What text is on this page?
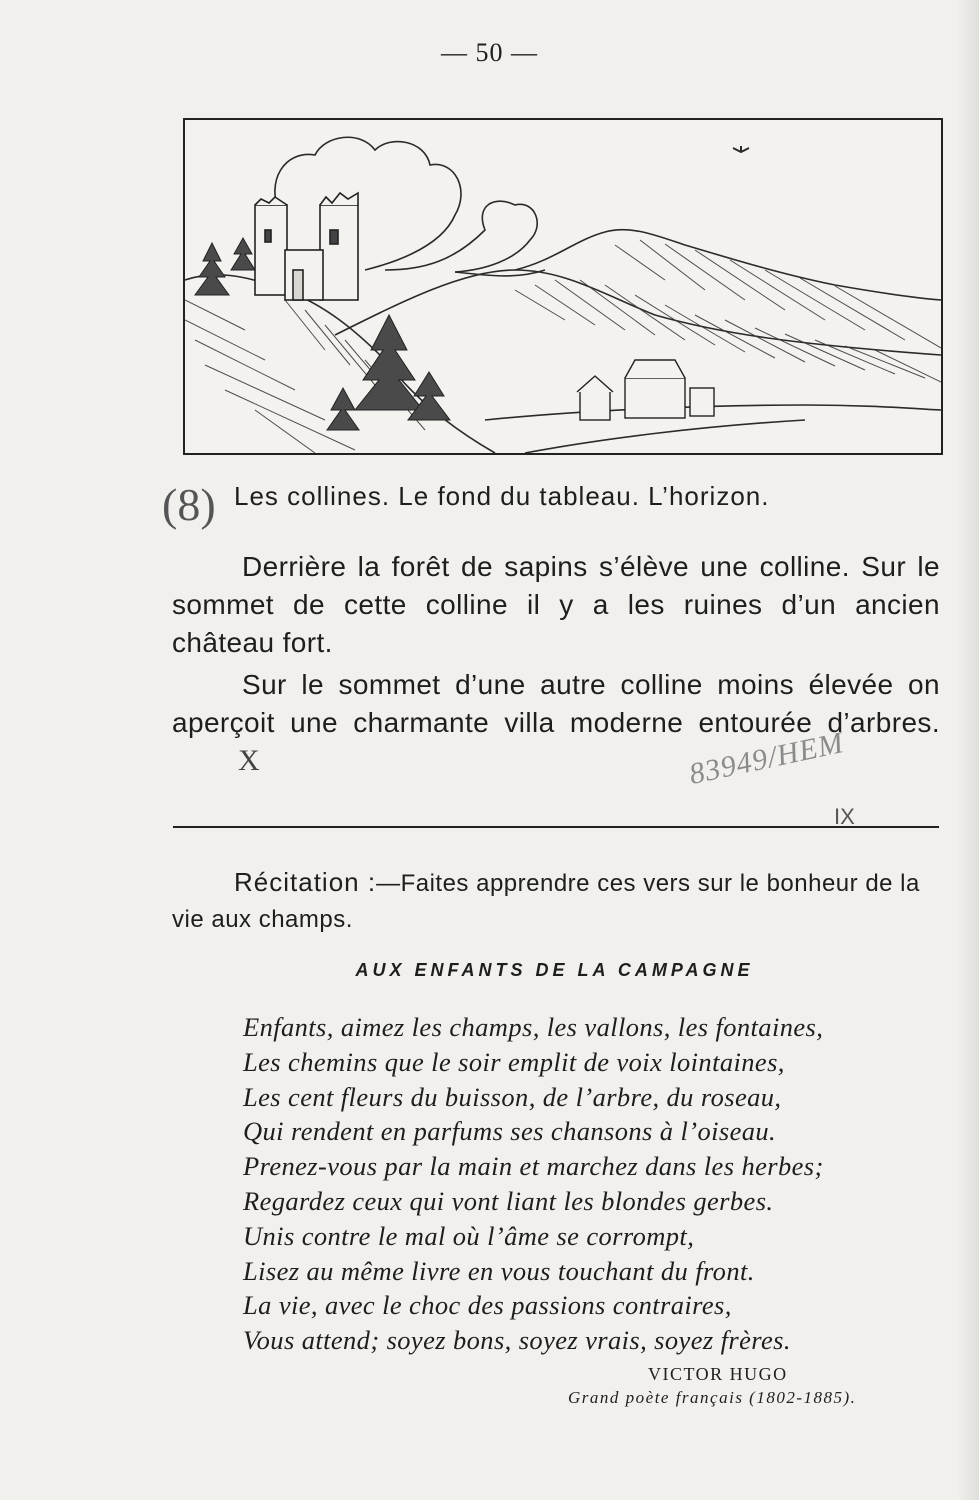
— 50 —
(8) Les collines. Le fond du tableau. L’horizon.

Derrière la forêt de sapins s’élève une colline. Sur le sommet de cette colline il y a les ruines d’un ancien château fort.

Sur le sommet d’une autre colline moins élevée on aperçoit une charmante villa moderne entourée d’arbres.X	83949/HEM
IX

Récitation :—Faites apprendre ces vers sur le bonheur de la vie aux champs.

AUX ENFANTS DE LA CAMPAGNE
Enfants, aimez les champs, les vallons, les fontaines,
Les chemins que le soir emplit de voix lointaines,
Les cent fleurs du buisson, de l’arbre, du roseau,
Qui rendent en parfums ses chansons à l’oiseau.
Prenez-vous par la main et marchez dans les herbes;
Regardez ceux qui vont liant les blondes gerbes.
Unis contre le mal où l’âme se corrompt,
Lisez au même livre en vous touchant du front.
La vie, avec le choc des passions contraires,
Vous attend; soyez bons, soyez vrais, soyez frères.
VICTOR HUGO
Grand poète français (1802-1885).
